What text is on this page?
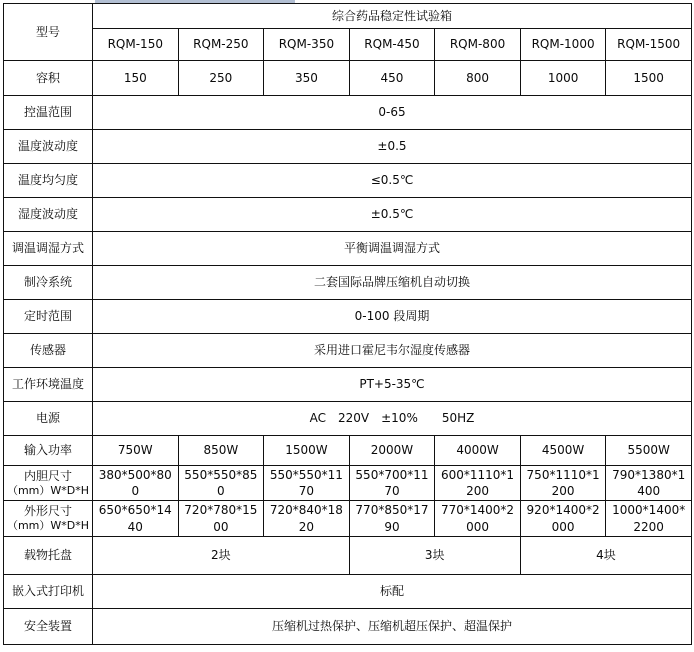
型号	综合药品稳定性试验箱						
	RQM-150	RQM-250	RQM-350	RQM-450	RQM-800	RQM-1000	RQM-1500
容积	150	250	350	450	800	1000	1500
控温范围	0-65						
温度波动度	±0.5						
温度均匀度	≤0.5℃						
湿度波动度	±0.5℃						
调温调湿方式	平衡调温调湿方式						
制冷系统	二套国际品牌压缩机自动切换						
定时范围	0-100 段周期						
传感器	采用进口霍尼韦尔湿度传感器						
工作环境温度	PT+5-35℃						
电源	AC　220V　±10%　　50HZ						
输入功率	750W	850W	1500W	2000W	4000W	4500W	5500W

内胆尺寸
（mm）W*D*H	380*500*800	550*550*850	550*550*1170	550*700*1170	600*1110*1200	750*1110*1200	790*1380*1400

外形尺寸
（mm）W*D*H	650*650*1440	720*780*1500	720*840*1820	770*850*1790	770*1400*2000	920*1400*2000	1000*1400*2200
载物托盘	2块			3块		4块	
嵌入式打印机	标配						
安全装置	压缩机过热保护、压缩机超压保护、超温保护						
